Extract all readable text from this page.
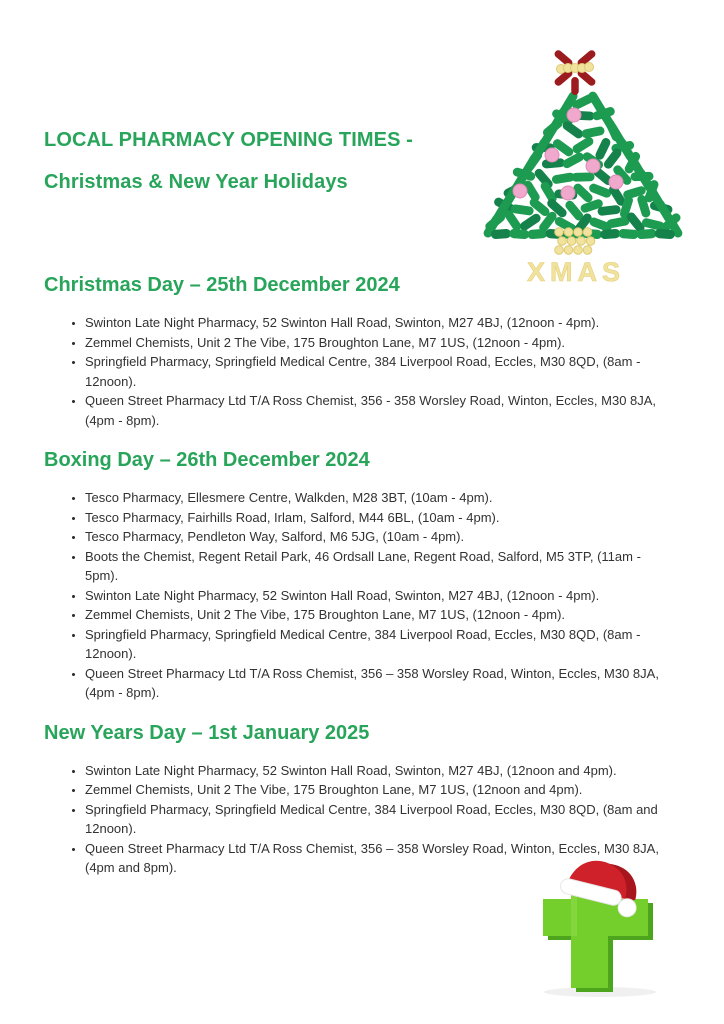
LOCAL PHARMACY OPENING TIMES -
Christmas & New Year Holidays
XMAS
Christmas Day – 25th December 2024
• Swinton Late Night Pharmacy, 52 Swinton Hall Road, Swinton, M27 4BJ, (12noon - 4pm).
• Zemmel Chemists, Unit 2 The Vibe, 175 Broughton Lane, M7 1US, (12noon - 4pm).
• Springfield Pharmacy, Springfield Medical Centre, 384 Liverpool Road, Eccles, M30 8QD, (8am - 12noon).
• Queen Street Pharmacy Ltd T/A Ross Chemist, 356 - 358 Worsley Road, Winton, Eccles, M30 8JA, (4pm - 8pm).
Boxing Day – 26th December 2024
• Tesco Pharmacy, Ellesmere Centre, Walkden, M28 3BT, (10am - 4pm).
• Tesco Pharmacy, Fairhills Road, Irlam, Salford, M44 6BL, (10am - 4pm).
• Tesco Pharmacy, Pendleton Way, Salford, M6 5JG, (10am - 4pm).
• Boots the Chemist, Regent Retail Park, 46 Ordsall Lane, Regent Road, Salford, M5 3TP, (11am - 5pm).
• Swinton Late Night Pharmacy, 52 Swinton Hall Road, Swinton, M27 4BJ, (12noon - 4pm).
• Zemmel Chemists, Unit 2 The Vibe, 175 Broughton Lane, M7 1US, (12noon - 4pm).
• Springfield Pharmacy, Springfield Medical Centre, 384 Liverpool Road, Eccles, M30 8QD, (8am - 12noon).
• Queen Street Pharmacy Ltd T/A Ross Chemist, 356 – 358 Worsley Road, Winton, Eccles, M30 8JA, (4pm - 8pm).
New Years Day – 1st January 2025
• Swinton Late Night Pharmacy, 52 Swinton Hall Road, Swinton, M27 4BJ, (12noon and 4pm).
• Zemmel Chemists, Unit 2 The Vibe, 175 Broughton Lane, M7 1US, (12noon and 4pm).
• Springfield Pharmacy, Springfield Medical Centre, 384 Liverpool Road, Eccles, M30 8QD, (8am and 12noon).
• Queen Street Pharmacy Ltd T/A Ross Chemist, 356 – 358 Worsley Road, Winton, Eccles, M30 8JA, (4pm and 8pm).
